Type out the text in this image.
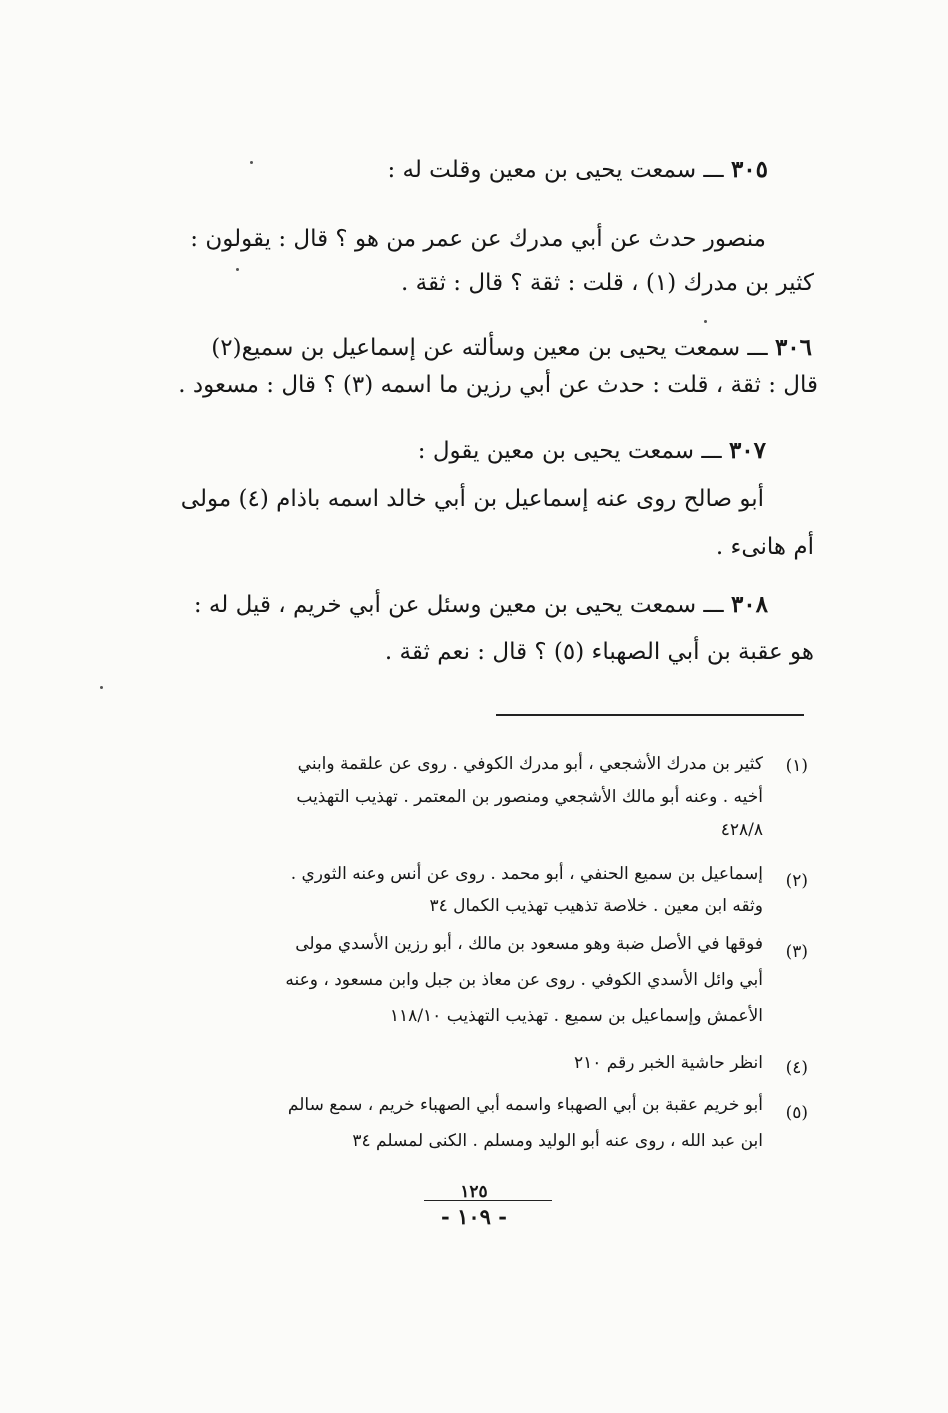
٣٠٥ ـــ سمعت يحيى بن معين وقلت له :
منصور حدث عن أبي مدرك عن عمر من هو ؟ قال : يقولون :
كثير بن مدرك (١) ، قلت : ثقة ؟ قال : ثقة .
٣٠٦ ـــ سمعت يحيى بن معين وسألته عن إسماعيل بن سميع(٢)
قال : ثقة ، قلت : حدث عن أبي رزين ما اسمه (٣) ؟ قال : مسعود .
٣٠٧ ـــ سمعت يحيى بن معين يقول :
أبو صالح روى عنه إسماعيل بن أبي خالد اسمه باذام (٤) مولى
أم هانىء .
٣٠٨ ـــ سمعت يحيى بن معين وسئل عن أبي خريم ، قيل له :
هو عقبة بن أبي الصهباء (٥) ؟ قال : نعم ثقة .
(١)
كثير بن مدرك الأشجعي ، أبو مدرك الكوفي . روى عن علقمة وابني
أخيه . وعنه أبو مالك الأشجعي ومنصور بن المعتمر . تهذيب التهذيب
٤٢٨/٨
(٢)
إسماعيل بن سميع الحنفي ، أبو محمد . روى عن أنس وعنه الثوري .
وثقه ابن معين . خلاصة تذهيب تهذيب الكمال ٣٤
(٣)
فوقها في الأصل ضبة وهو مسعود بن مالك ، أبو رزين الأسدي مولى
أبي وائل الأسدي الكوفي . روى عن معاذ بن جبل وابن مسعود ، وعنه
الأعمش وإسماعيل بن سميع . تهذيب التهذيب ١١٨/١٠
(٤)
انظر حاشية الخبر رقم ٢١٠
(٥)
أبو خريم عقبة بن أبي الصهباء واسمه أبي الصهباء خريم ، سمع سالم
ابن عبد الله ، روى عنه أبو الوليد ومسلم . الكنى لمسلم ٣٤
١٢٥
- ١٠٩ -
